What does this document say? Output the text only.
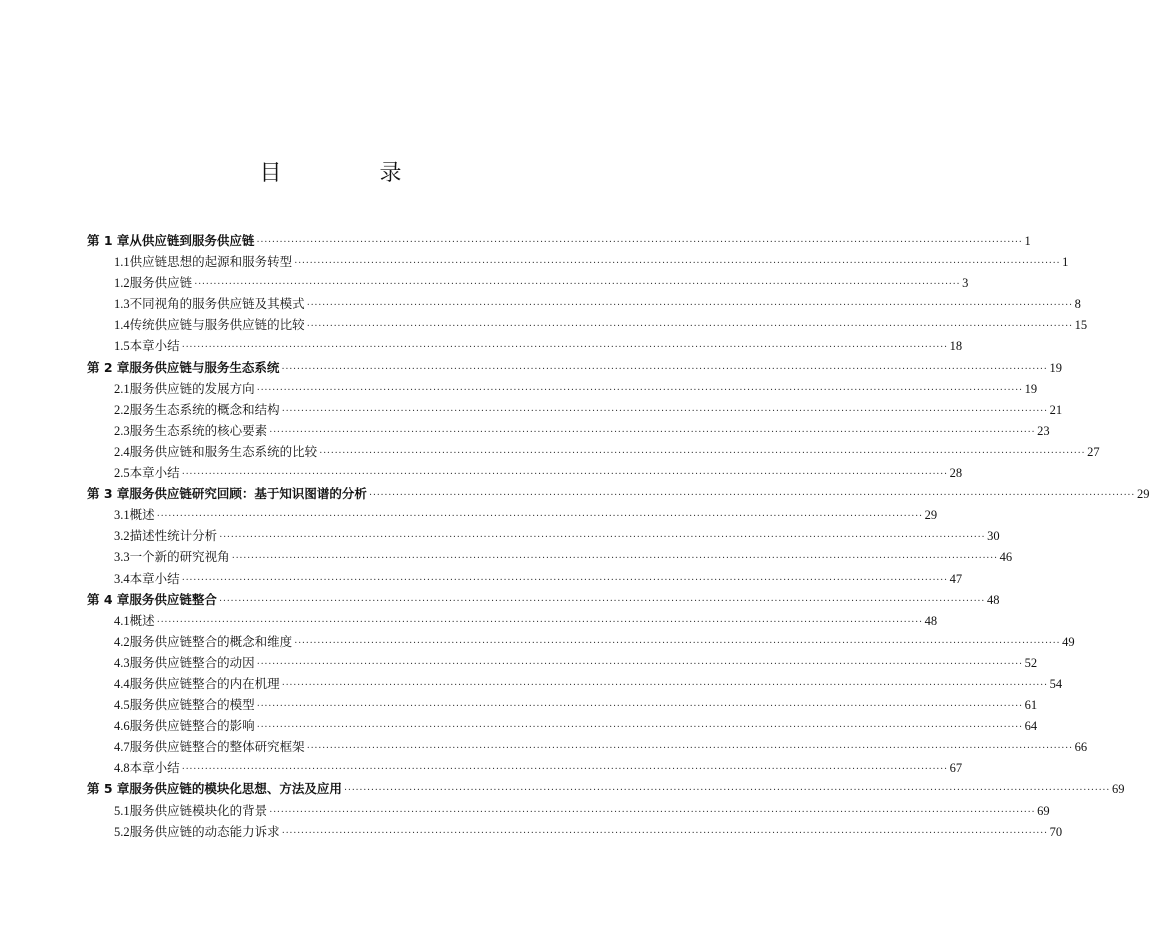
目　录
第 1 章 从供应链到服务供应链 ········································································································································································································ 1
1.1 供应链思想的起源和服务转型 ········································································································································································································ 1
1.2 服务供应链 ········································································································································································································ 3
1.3 不同视角的服务供应链及其模式 ········································································································································································································ 8
1.4 传统供应链与服务供应链的比较 ········································································································································································································ 15
1.5 本章小结 ········································································································································································································ 18
第 2 章 服务供应链与服务生态系统 ········································································································································································································ 19
2.1 服务供应链的发展方向 ········································································································································································································ 19
2.2 服务生态系统的概念和结构 ········································································································································································································ 21
2.3 服务生态系统的核心要素 ········································································································································································································ 23
2.4 服务供应链和服务生态系统的比较 ········································································································································································································ 27
2.5 本章小结 ········································································································································································································ 28
第 3 章 服务供应链研究回顾：基于知识图谱的分析 ········································································································································································································ 29
3.1 概述 ········································································································································································································ 29
3.2 描述性统计分析 ········································································································································································································ 30
3.3 一个新的研究视角 ········································································································································································································ 46
3.4 本章小结 ········································································································································································································ 47
第 4 章 服务供应链整合 ········································································································································································································ 48
4.1 概述 ········································································································································································································ 48
4.2 服务供应链整合的概念和维度 ········································································································································································································ 49
4.3 服务供应链整合的动因 ········································································································································································································ 52
4.4 服务供应链整合的内在机理 ········································································································································································································ 54
4.5 服务供应链整合的模型 ········································································································································································································ 61
4.6 服务供应链整合的影响 ········································································································································································································ 64
4.7 服务供应链整合的整体研究框架 ········································································································································································································ 66
4.8 本章小结 ········································································································································································································ 67
第 5 章 服务供应链的模块化思想、方法及应用 ········································································································································································································ 69
5.1 服务供应链模块化的背景 ········································································································································································································ 69
5.2 服务供应链的动态能力诉求 ········································································································································································································ 70
